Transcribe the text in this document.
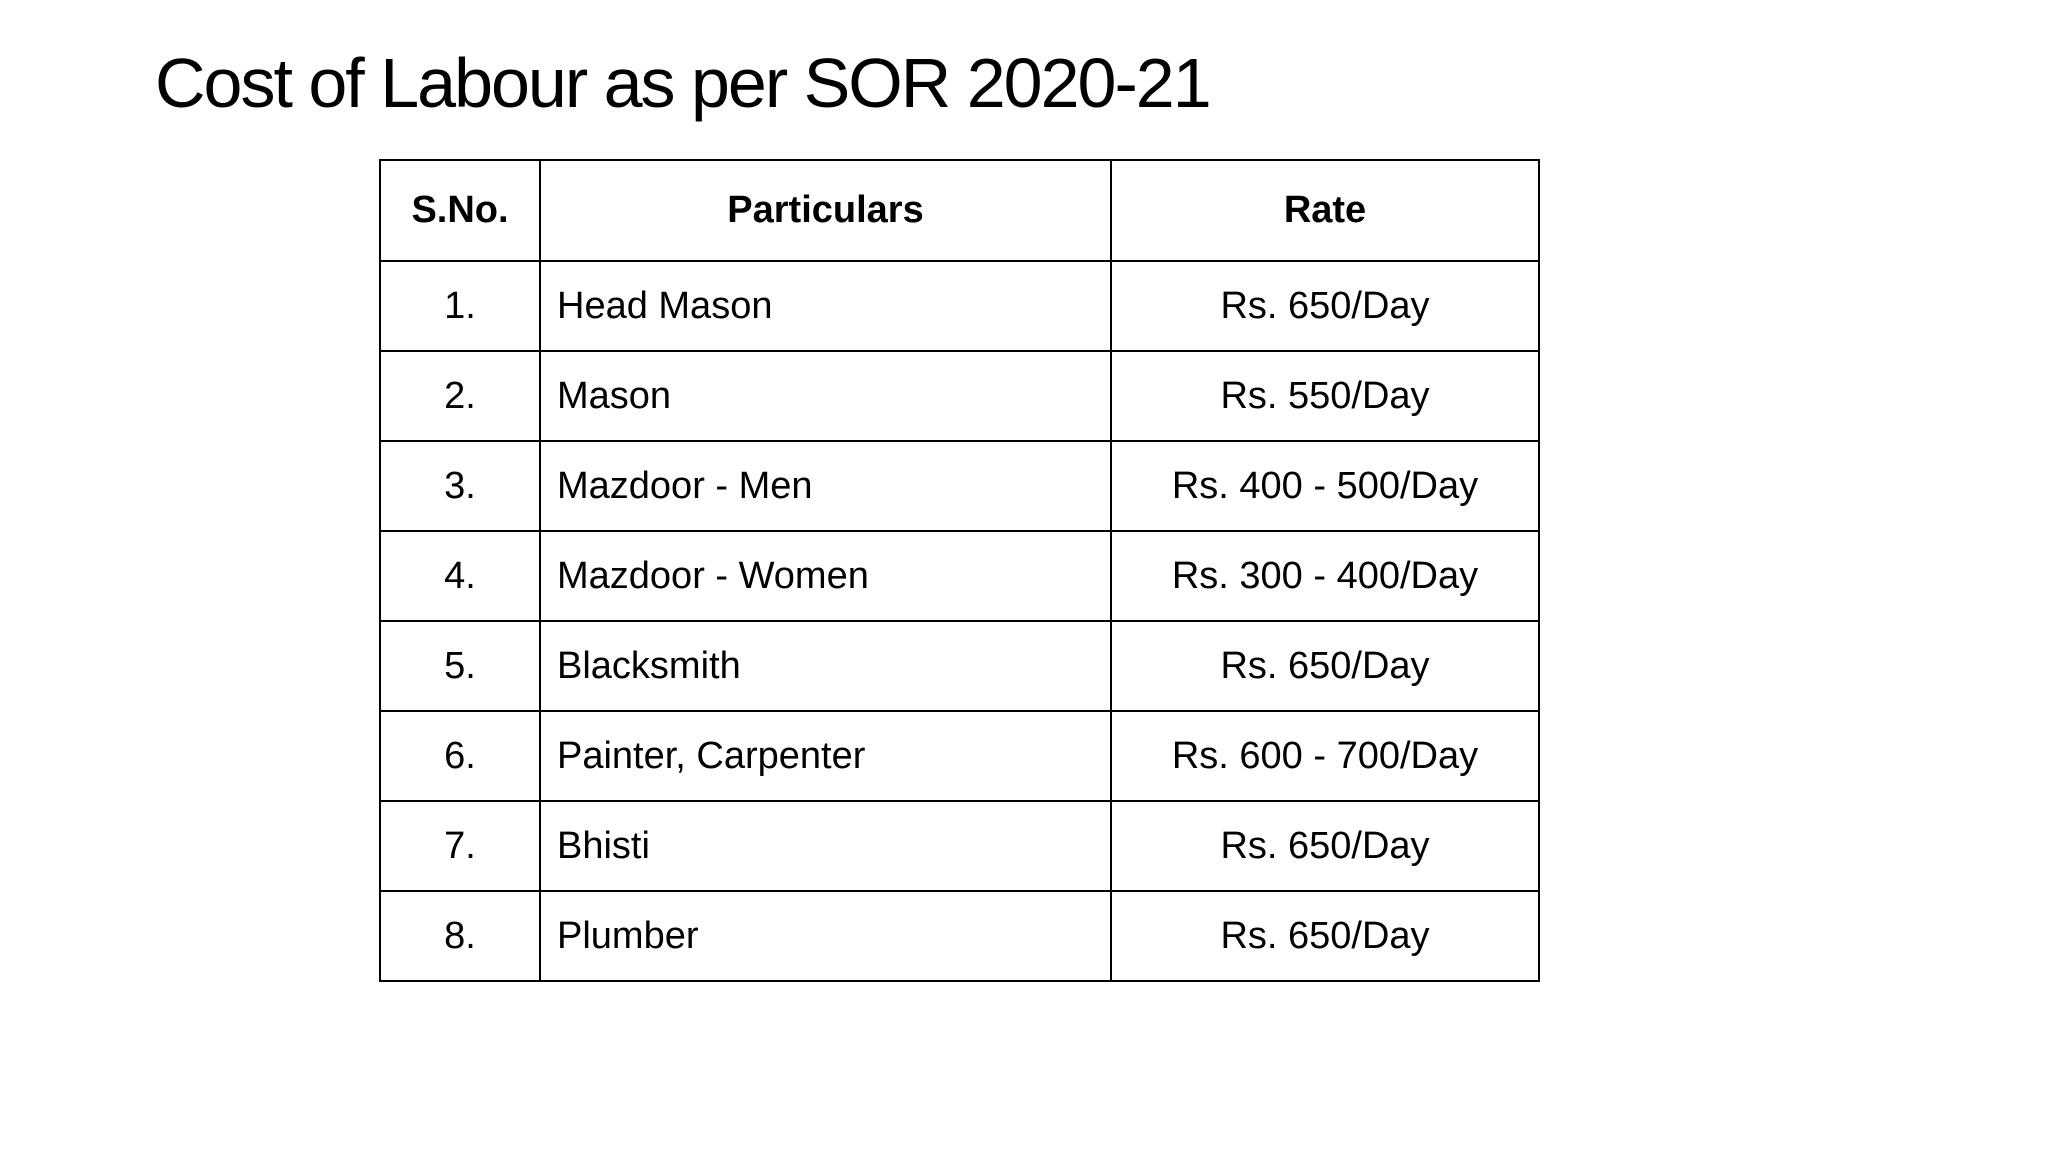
Cost of Labour as per SOR 2020-21
S.No.	Particulars	Rate
1.	Head Mason	Rs. 650/Day
2.	Mason	Rs. 550/Day
3.	Mazdoor - Men	Rs. 400 - 500/Day
4.	Mazdoor - Women	Rs. 300 - 400/Day
5.	Blacksmith	Rs. 650/Day
6.	Painter, Carpenter	Rs. 600 - 700/Day
7.	Bhisti	Rs. 650/Day
8.	Plumber	Rs. 650/Day
